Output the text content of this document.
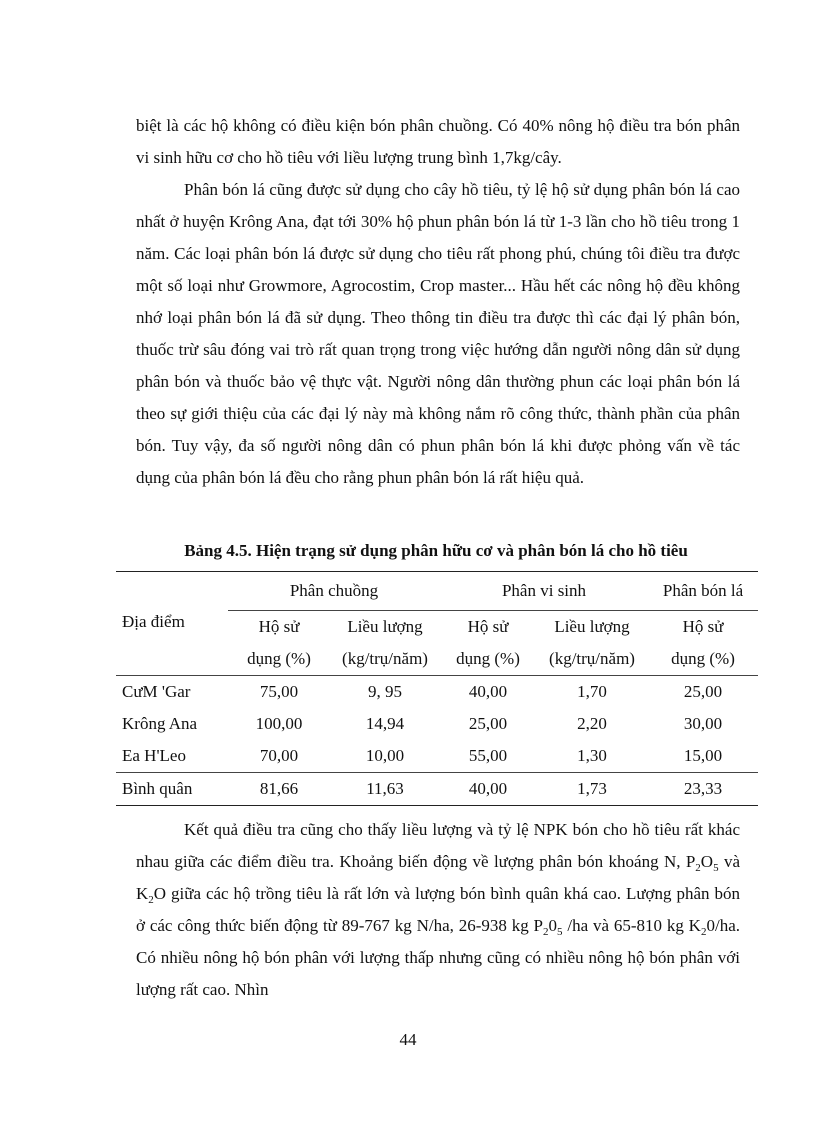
biệt là các hộ không có điều kiện bón phân chuồng. Có 40% nông hộ điều tra bón phân vi sinh hữu cơ cho hồ tiêu với liều lượng trung bình 1,7kg/cây.

Phân bón lá cũng được sử dụng cho cây hồ tiêu, tỷ lệ hộ sử dụng phân bón lá cao nhất ở huyện Krông Ana, đạt tới 30% hộ phun phân bón lá từ 1-3 lần cho hồ tiêu trong 1 năm. Các loại phân bón lá được sử dụng cho tiêu rất phong phú, chúng tôi điều tra được một số loại như Growmore, Agrocostim, Crop master... Hầu hết các nông hộ đều không nhớ loại phân bón lá đã sử dụng. Theo thông tin điều tra được thì các đại lý phân bón, thuốc trừ sâu đóng vai trò rất quan trọng trong việc hướng dẫn người nông dân sử dụng phân bón và thuốc bảo vệ thực vật. Người nông dân thường phun các loại phân bón lá theo sự giới thiệu của các đại lý này mà không nắm rõ công thức, thành phần của phân bón. Tuy vậy, đa số người nông dân có phun phân bón lá khi được phỏng vấn về tác dụng của phân bón lá đều cho rằng phun phân bón lá rất hiệu quả.

Bảng 4.5. Hiện trạng sử dụng phân hữu cơ và phân bón lá cho hồ tiêu

Địa điểm	Phân chuồng		Phân vi sinh		Phân bón lá
	Hộ sử	Liều lượng	Hộ sử	Liều lượng	Hộ sử
	dụng (%)	(kg/trụ/năm)	dụng (%)	(kg/trụ/năm)	dụng (%)
CưM 'Gar	75,00	9, 95	40,00	1,70	25,00
Krông Ana	100,00	14,94	25,00	2,20	30,00
Ea H'Leo	70,00	10,00	55,00	1,30	15,00
Bình quân	81,66	11,63	40,00	1,73	23,33

Kết quả điều tra cũng cho thấy liều lượng và tỷ lệ NPK bón cho hồ tiêu rất khác nhau giữa các điểm điều tra. Khoảng biến động về lượng phân bón khoáng N, $P_2O_5$ và $K_2O$ giữa các hộ trồng tiêu là rất lớn và lượng bón bình quân khá cao. Lượng phân bón ở các công thức biến động từ 89-767 kg N/ha, 26-938 kg $P_20_5$ /ha và 65-810 kg $K_20/ha$. Có nhiều nông hộ bón phân với lượng thấp nhưng cũng có nhiều nông hộ bón phân với lượng rất cao. Nhìn

44
